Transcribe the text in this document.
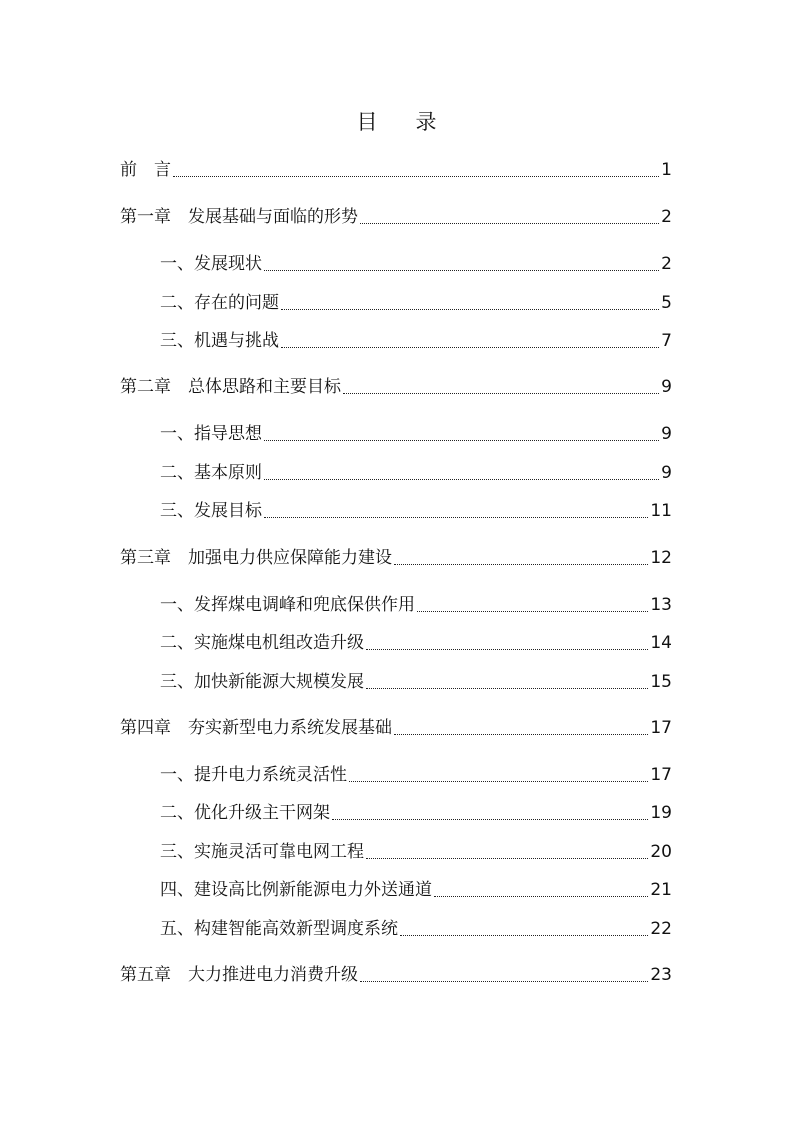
目 录
前　言	1
第一章　发展基础与面临的形势	2
一、发展现状	2
二、存在的问题	5
三、机遇与挑战	7
第二章　总体思路和主要目标	9
一、指导思想	9
二、基本原则	9
三、发展目标	11
第三章　加强电力供应保障能力建设	12
一、发挥煤电调峰和兜底保供作用	13
二、实施煤电机组改造升级	14
三、加快新能源大规模发展	15
第四章　夯实新型电力系统发展基础	17
一、提升电力系统灵活性	17
二、优化升级主干网架	19
三、实施灵活可靠电网工程	20
四、建设高比例新能源电力外送通道	21
五、构建智能高效新型调度系统	22
第五章　大力推进电力消费升级	23
